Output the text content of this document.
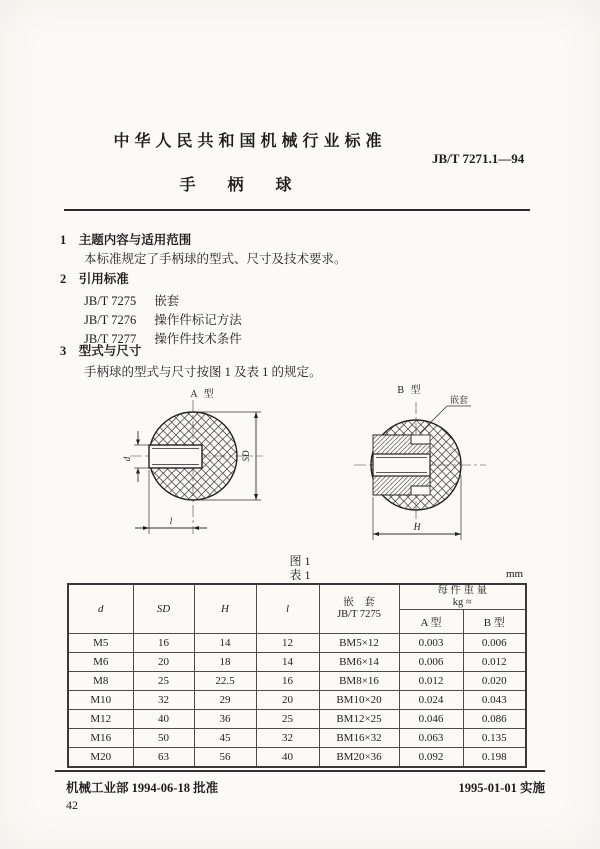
中华人民共和国机械行业标准
JB/T 7271.1—94
手 柄 球
1　主题内容与适用范围
本标准规定了手柄球的型式、尺寸及技术要求。
2　引用标准
JB/T 7275 嵌套
JB/T 7276 操作件标记方法
JB/T 7277 操作件技术条件
3　型式与尺寸
手柄球的型式与尺寸按图 1 及表 1 的规定。
A 型
d	SD
l
B 型
嵌套
H
图 1
表 1	mm
d	SD	H	l	
嵌　套
JB/T 7275

每 件 重 量
kg ≈

					A 型	B 型
M5	16	14	12	BM5×12	0.003	0.006
M6	20	18	14	BM6×14	0.006	0.012
M8	25	22.5	16	BM8×16	0.012	0.020
M10	32	29	20	BM10×20	0.024	0.043
M12	40	36	25	BM12×25	0.046	0.086
M16	50	45	32	BM16×32	0.063	0.135
M20	63	56	40	BM20×36	0.092	0.198
机械工业部 1994-06-18 批准	1995-01-01 实施
42
